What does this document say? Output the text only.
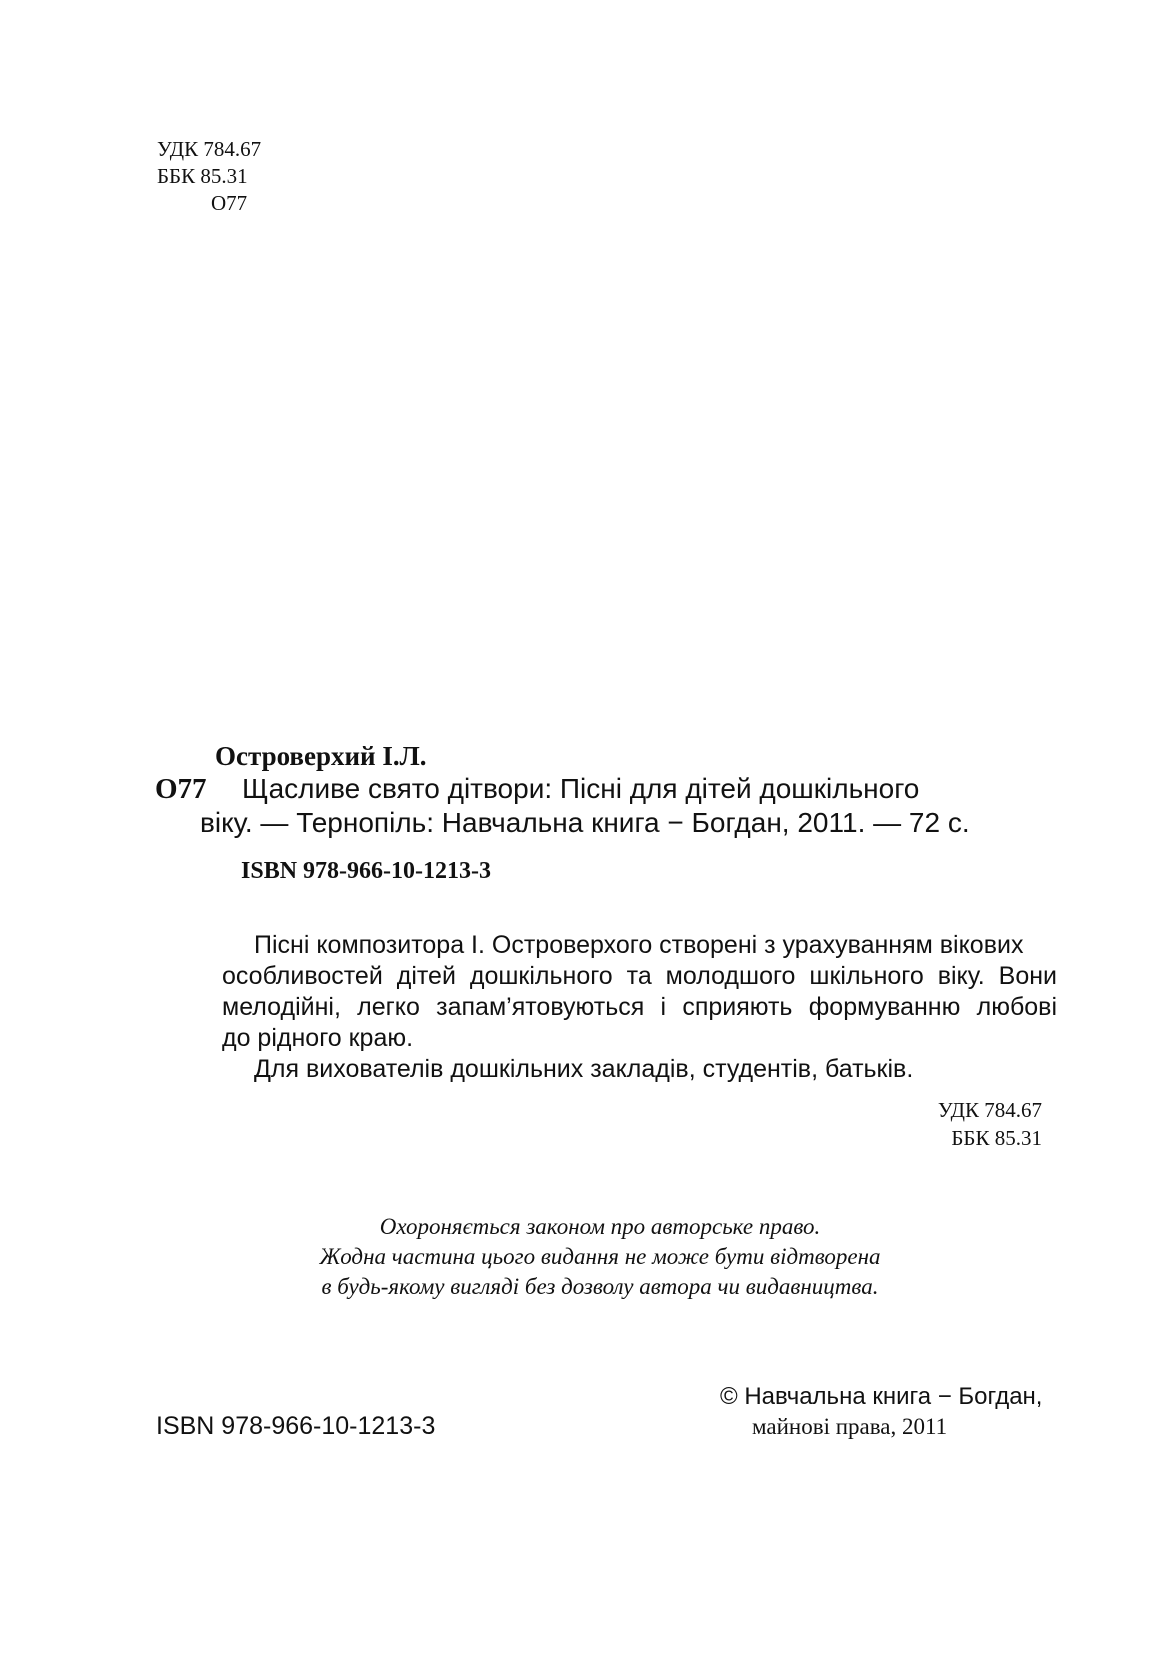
УДК 784.67
ББК 85.31
О77
Островерхий І.Л.
О77 Щасливе свято дітвори: Пісні для дітей дошкільного
віку. — Тернопіль: Навчальна книга − Богдан, 2011. — 72 с.
ISBN 978-966-10-1213-3
Пісні композитора І. Островерхого створені з урахуванням вікових
особливостей дітей дошкільного та молодшого шкільного віку. Вони
мелодійні, легко запам’ятовуються і сприяють формуванню любові
до рідного краю.
Для вихователів дошкільних закладів, студентів, батьків.
УДК 784.67
ББК 85.31
Охороняється законом про авторське право.
Жодна частина цього видання не може бути відтворена
в будь-якому вигляді без дозволу автора чи видавництва.
ISBN 978-966-10-1213-3
© Навчальна книга − Богдан,
майнові права, 2011
